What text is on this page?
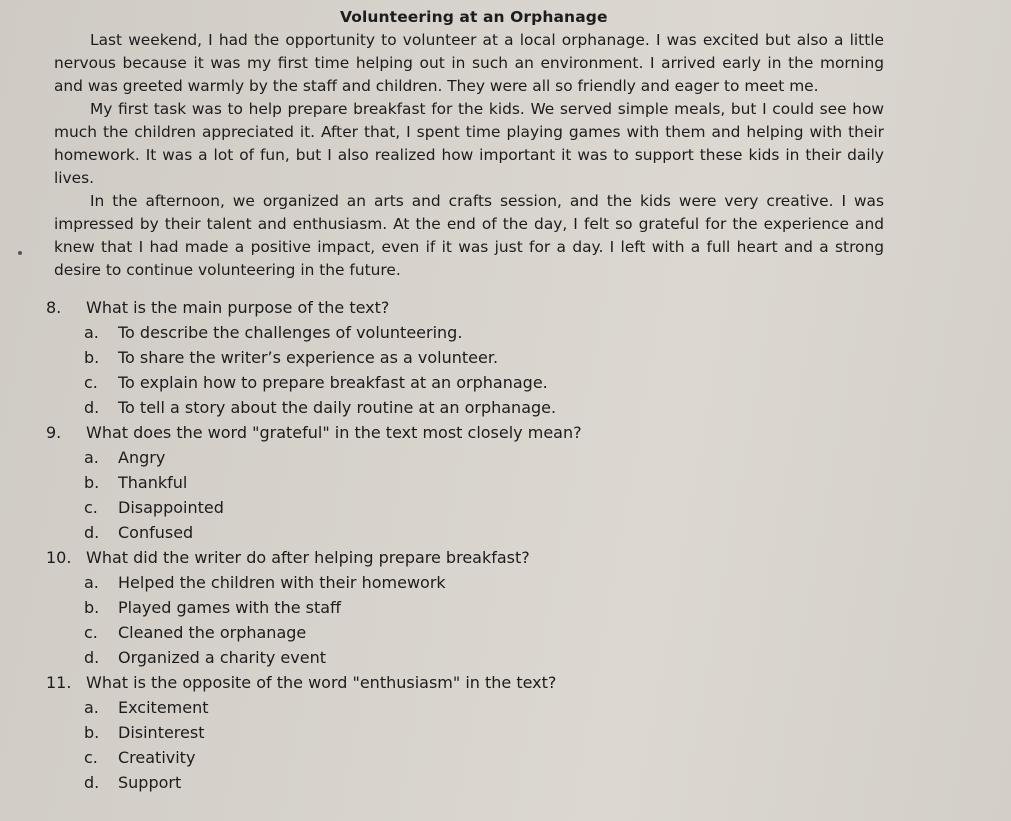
Volunteering at an Orphanage

Last weekend, I had the opportunity to volunteer at a local orphanage. I was excited but also a little nervous because it was my first time helping out in such an environment. I arrived early in the morning and was greeted warmly by the staff and children. They were all so friendly and eager to meet me.

My first task was to help prepare breakfast for the kids. We served simple meals, but I could see how much the children appreciated it. After that, I spent time playing games with them and helping with their homework. It was a lot of fun, but I also realized how important it was to support these kids in their daily lives.

In the afternoon, we organized an arts and crafts session, and the kids were very creative. I was impressed by their talent and enthusiasm. At the end of the day, I felt so grateful for the experience and knew that I had made a positive impact, even if it was just for a day. I left with a full heart and a strong desire to continue volunteering in the future.

8.	What is the main purpose of the text?
a.	To describe the challenges of volunteering.
b.	To share the writer’s experience as a volunteer.
c.	To explain how to prepare breakfast at an orphanage.
d.	To tell a story about the daily routine at an orphanage.
9.	What does the word "grateful" in the text most closely mean?
a.	Angry
b.	Thankful
c.	Disappointed
d.	Confused
10. What did the writer do after helping prepare breakfast?
a.	Helped the children with their homework
b.	Played games with the staff
c.	Cleaned the orphanage
d.	Organized a charity event
11. What is the opposite of the word "enthusiasm" in the text?
a.	Excitement
b.	Disinterest
c.	Creativity
d.	Support
